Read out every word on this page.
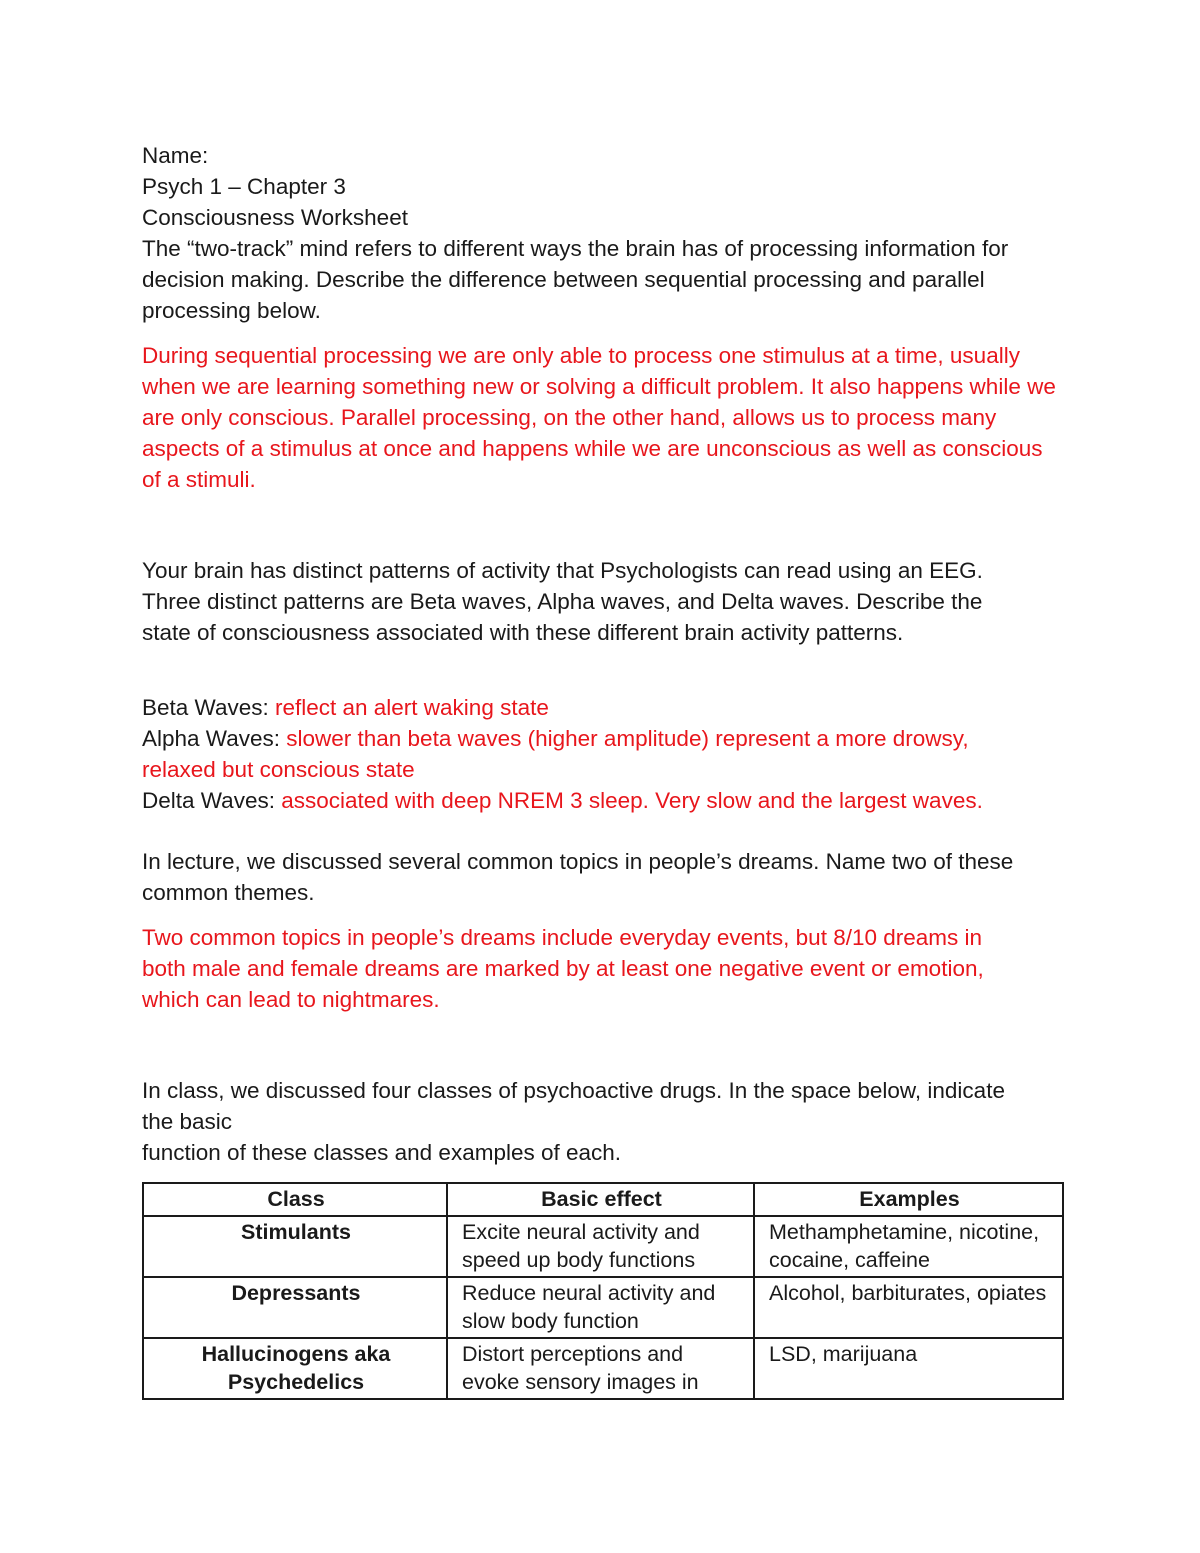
Name:

Psych 1 – Chapter 3

Consciousness Worksheet

The “two-track” mind refers to different ways the brain has of processing information for decision making. Describe the difference between sequential processing and parallel processing below.

During sequential processing we are only able to process one stimulus at a time, usually when we are learning something new or solving a difficult problem. It also happens while we are only conscious. Parallel processing, on the other hand, allows us to process many aspects of a stimulus at once and happens while we are unconscious as well as conscious of a stimuli.

Your brain has distinct patterns of activity that Psychologists can read using an EEG. Three distinct patterns are Beta waves, Alpha waves, and Delta waves. Describe the state of consciousness associated with these different brain activity patterns.

Beta Waves: reflect an alert waking state

Alpha Waves: slower than beta waves (higher amplitude) represent a more drowsy, relaxed but conscious state

Delta Waves: associated with deep NREM 3 sleep. Very slow and the largest waves.

In lecture, we discussed several common topics in people’s dreams. Name two of these common themes.

Two common topics in people’s dreams include everyday events, but 8/10 dreams in both male and female dreams are marked by at least one negative event or emotion, which can lead to nightmares.

In class, we discussed four classes of psychoactive drugs. In the space below, indicate the basic

function of these classes and examples of each.

Class	Basic effect	Examples
Stimulants	Excite neural activity and speed up body functions	Methamphetamine, nicotine, cocaine, caffeine
Depressants	Reduce neural activity and slow body function	Alcohol, barbiturates, opiates
Hallucinogens aka Psychedelics	Distort perceptions and evoke sensory images in	LSD, marijuana
